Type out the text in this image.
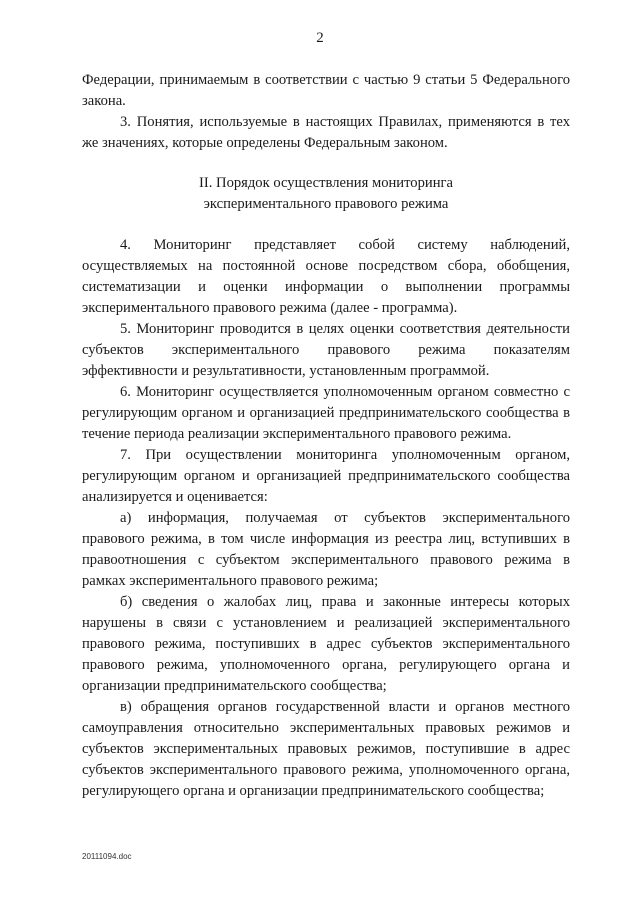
2

Федерации, принимаемым в соответствии с частью 9 статьи 5 Федерального закона.

3. Понятия, используемые в настоящих Правилах, применяются в тех же значениях, которые определены Федеральным законом.

II. Порядок осуществления мониторинга
экспериментального правового режима

4. Мониторинг представляет собой систему наблюдений, осуществляемых на постоянной основе посредством сбора, обобщения, систематизации и оценки информации о выполнении программы экспериментального правового режима (далее - программа).

5. Мониторинг проводится в целях оценки соответствия деятельности субъектов экспериментального правового режима показателям эффективности и результативности, установленным программой.

6. Мониторинг осуществляется уполномоченным органом совместно с регулирующим органом и организацией предпринимательского сообщества в течение периода реализации экспериментального правового режима.

7. При осуществлении мониторинга уполномоченным органом, регулирующим органом и организацией предпринимательского сообщества анализируется и оценивается:

а) информация, получаемая от субъектов экспериментального правового режима, в том числе информация из реестра лиц, вступивших в правоотношения с субъектом экспериментального правового режима в рамках экспериментального правового режима;

б) сведения о жалобах лиц, права и законные интересы которых нарушены в связи с установлением и реализацией экспериментального правового режима, поступивших в адрес субъектов экспериментального правового режима, уполномоченного органа, регулирующего органа и организации предпринимательского сообщества;

в) обращения органов государственной власти и органов местного самоуправления относительно экспериментальных правовых режимов и субъектов экспериментальных правовых режимов, поступившие в адрес субъектов экспериментального правового режима, уполномоченного органа, регулирующего органа и организации предпринимательского сообщества;

20111094.doc
